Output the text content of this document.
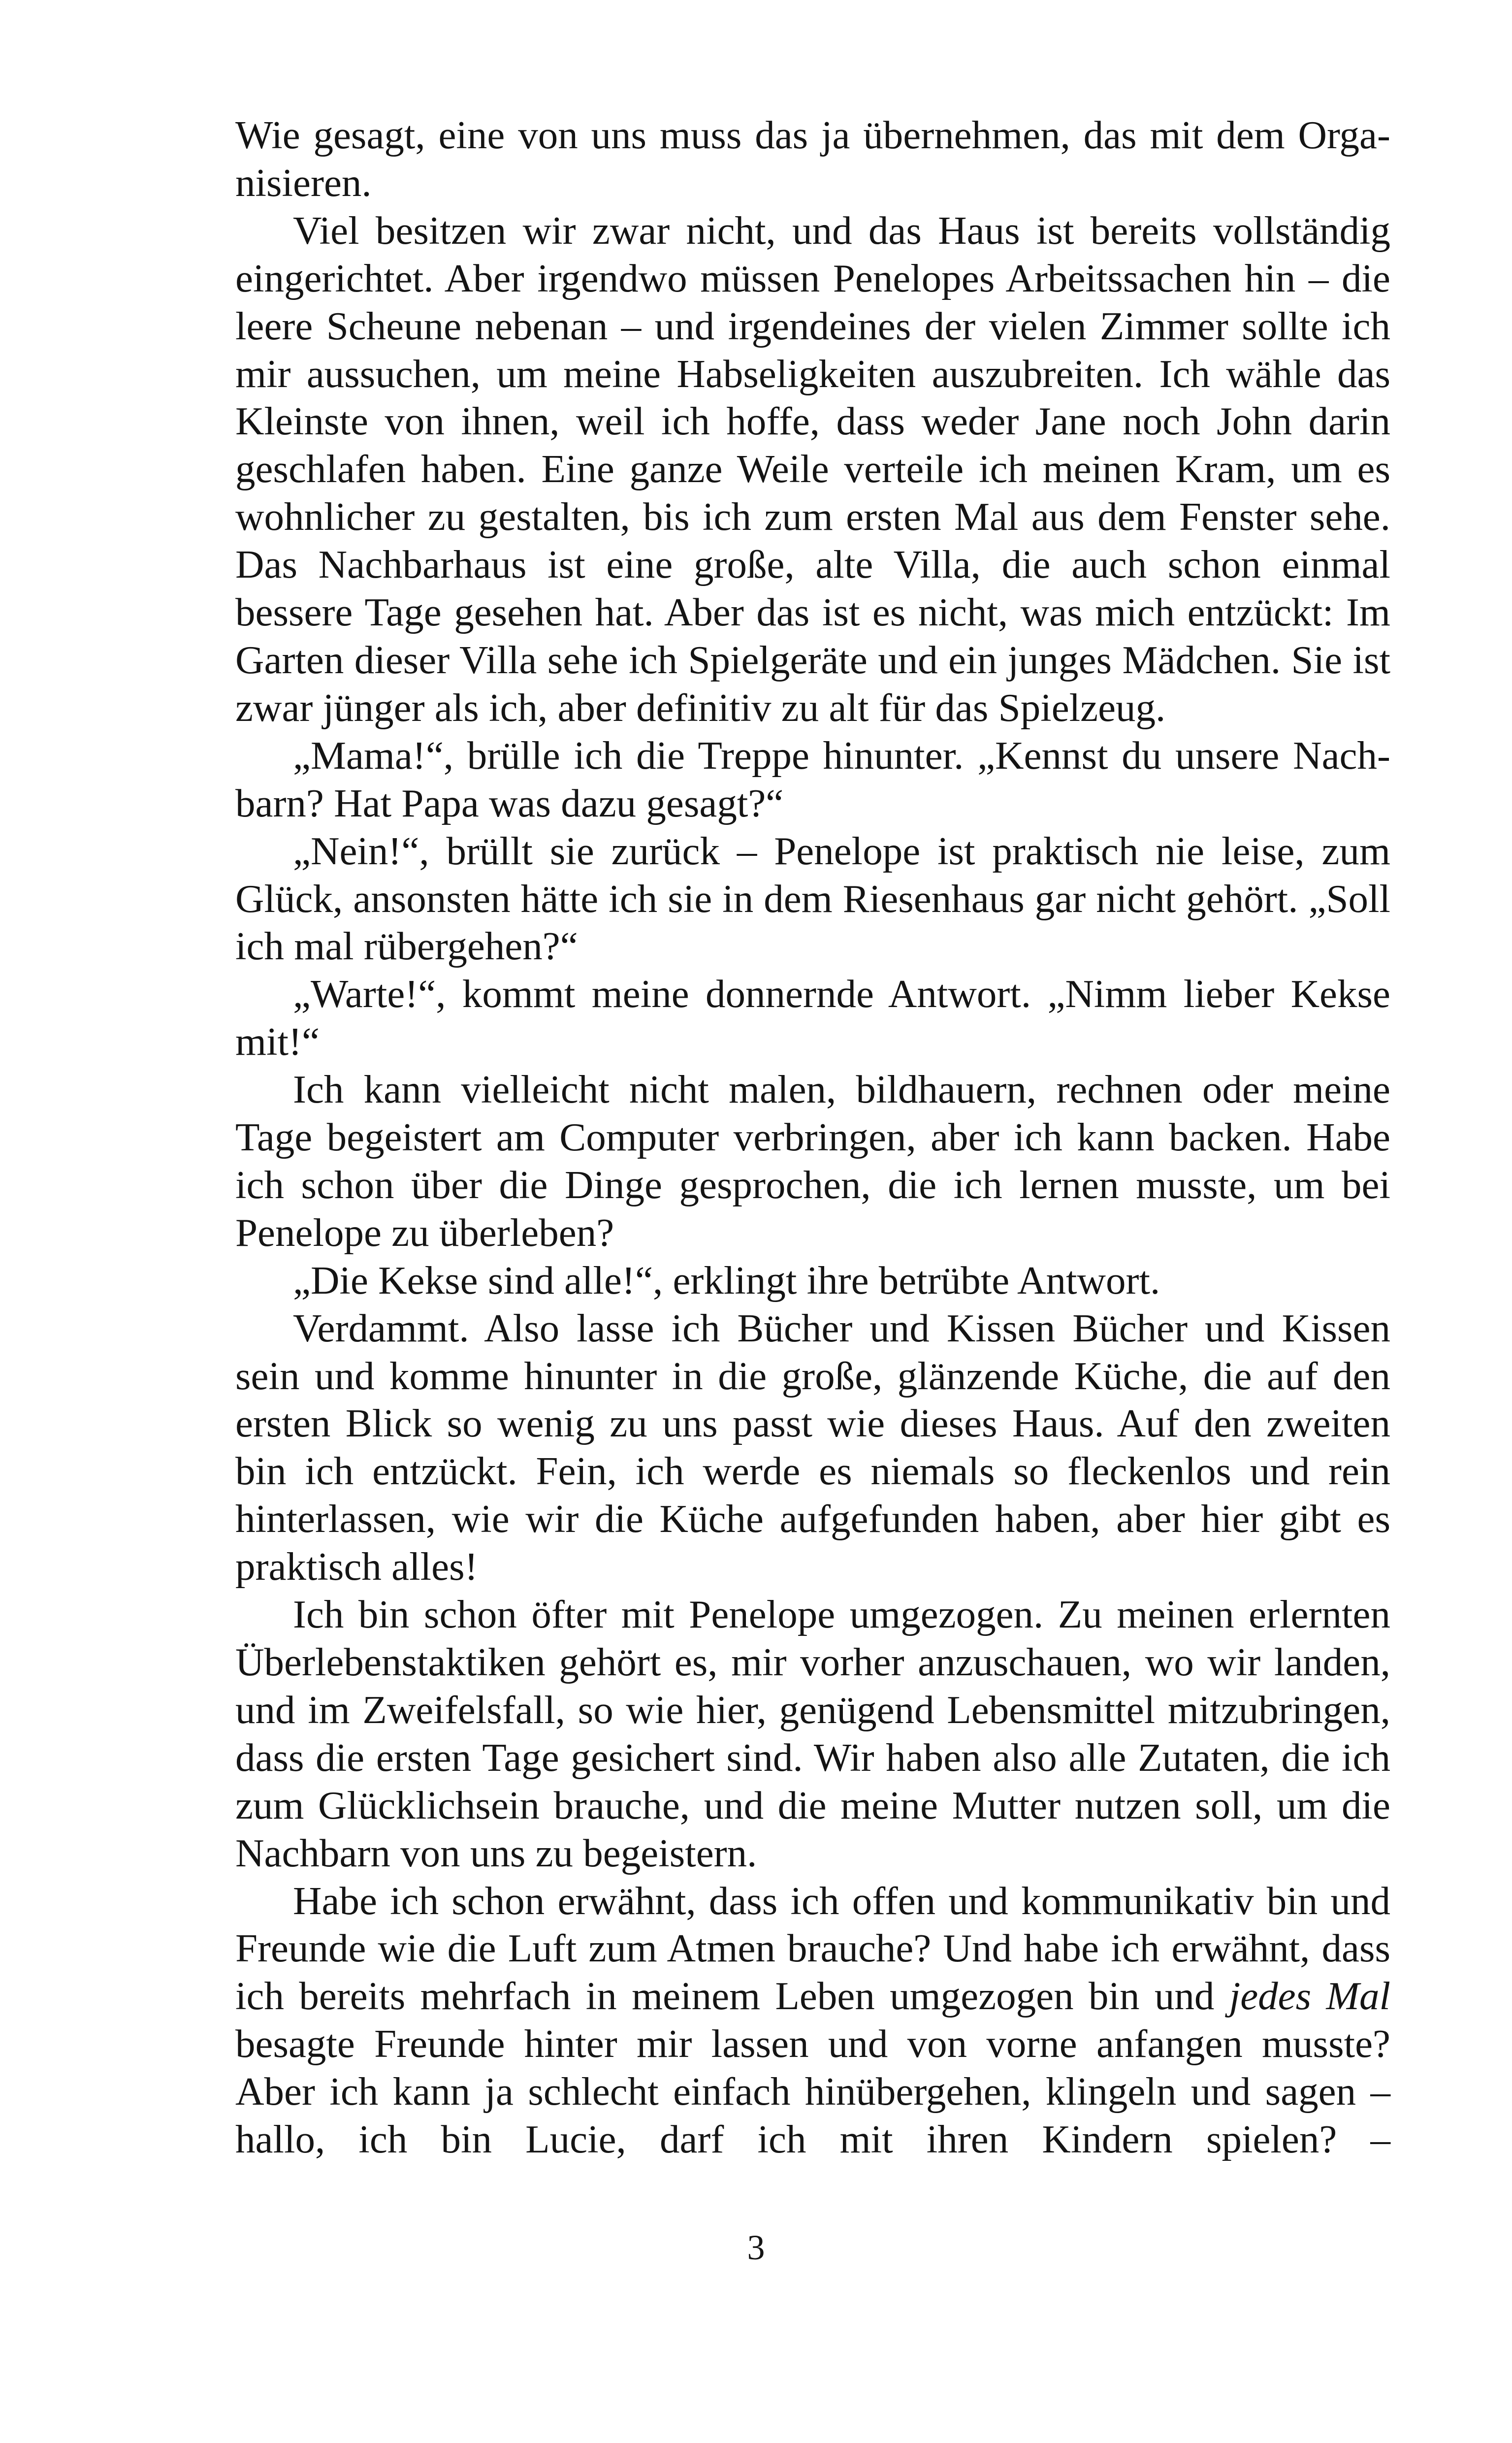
Wie gesagt, eine von uns muss das ja übernehmen, das mit dem Organisieren.

Viel besitzen wir zwar nicht, und das Haus ist bereits vollständig eingerichtet. Aber irgendwo müssen Penelopes Arbeitssachen hin – die leere Scheune nebenan – und irgendeines der vielen Zimmer sollte ich mir aussuchen, um meine Habseligkeiten auszubreiten. Ich wähle das Kleinste von ihnen, weil ich hoffe, dass weder Jane noch John darin geschlafen haben. Eine ganze Weile verteile ich meinen Kram, um es wohnlicher zu gestalten, bis ich zum ersten Mal aus dem Fenster sehe. Das Nachbarhaus ist eine große, alte Villa, die auch schon einmal bessere Tage gesehen hat. Aber das ist es nicht, was mich entzückt: Im Garten dieser Villa sehe ich Spielgeräte und ein junges Mädchen. Sie ist zwar jünger als ich, aber definitiv zu alt für das Spielzeug.

„Mama!“, brülle ich die Treppe hinunter. „Kennst du unsere Nachbarn? Hat Papa was dazu gesagt?“

„Nein!“, brüllt sie zurück – Penelope ist praktisch nie leise, zum Glück, ansonsten hätte ich sie in dem Riesenhaus gar nicht gehört. „Soll ich mal rübergehen?“

„Warte!“, kommt meine donnernde Antwort. „Nimm lieber Kekse mit!“

Ich kann vielleicht nicht malen, bildhauern, rechnen oder meine Tage begeistert am Computer verbringen, aber ich kann backen. Habe ich schon über die Dinge gesprochen, die ich lernen musste, um bei Penelope zu überleben?

„Die Kekse sind alle!“, erklingt ihre betrübte Antwort.

Verdammt. Also lasse ich Bücher und Kissen Bücher und Kissen sein und komme hinunter in die große, glänzende Küche, die auf den ersten Blick so wenig zu uns passt wie dieses Haus. Auf den zweiten bin ich entzückt. Fein, ich werde es niemals so fleckenlos und rein hinterlassen, wie wir die Küche aufgefunden haben, aber hier gibt es praktisch alles!

Ich bin schon öfter mit Penelope umgezogen. Zu meinen erlernten Überlebenstaktiken gehört es, mir vorher anzuschauen, wo wir landen, und im Zweifelsfall, so wie hier, genügend Lebensmittel mitzubringen, dass die ersten Tage gesichert sind. Wir haben also alle Zutaten, die ich zum Glücklichsein brauche, und die meine Mutter nutzen soll, um die Nachbarn von uns zu begeistern.

Habe ich schon erwähnt, dass ich offen und kommunikativ bin und Freunde wie die Luft zum Atmen brauche? Und habe ich erwähnt, dass ich bereits mehrfach in meinem Leben umgezogen bin und jedes Mal besagte Freunde hinter mir lassen und von vorne anfangen musste? Aber ich kann ja schlecht einfach hinübergehen, klingeln und sagen – hallo, ich bin Lucie, darf ich mit ihren Kindern spielen? –

3
